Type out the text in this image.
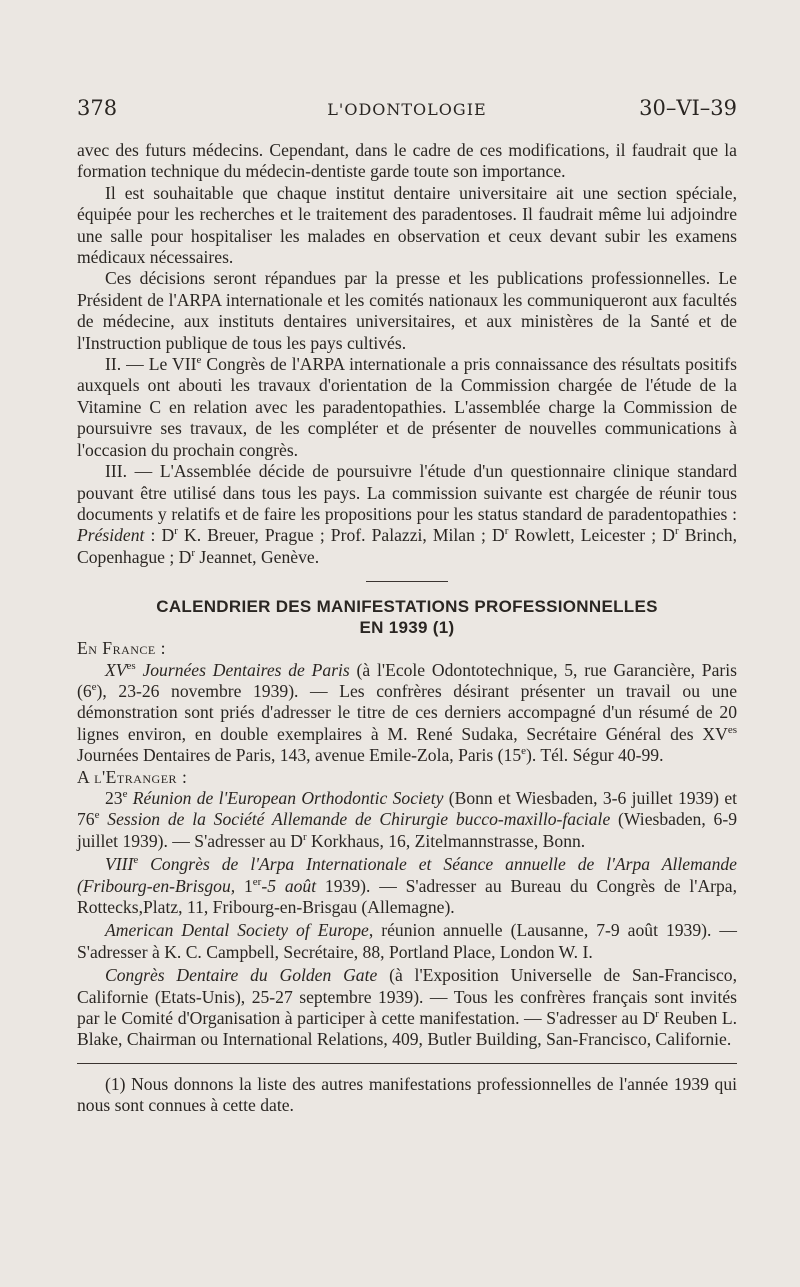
378	L'ODONTOLOGIE	30–VI–39

avec des futurs médecins. Cependant, dans le cadre de ces modifications, il faudrait que la formation technique du médecin-dentiste garde toute son importance.

Il est souhaitable que chaque institut dentaire universitaire ait une section spéciale, équipée pour les recherches et le traitement des paradentoses. Il faudrait même lui adjoindre une salle pour hospitaliser les malades en observation et ceux devant subir les examens médicaux nécessaires.

Ces décisions seront répandues par la presse et les publications professionnelles. Le Président de l'ARPA internationale et les comités nationaux les communiqueront aux facultés de médecine, aux instituts dentaires universitaires, et aux ministères de la Santé et de l'Instruction publique de tous les pays cultivés.

II. — Le VIIe Congrès de l'ARPA internationale a pris connaissance des résultats positifs auxquels ont abouti les travaux d'orientation de la Commission chargée de l'étude de la Vitamine C en relation avec les paradentopathies. L'assemblée charge la Commission de poursuivre ses travaux, de les compléter et de présenter de nouvelles communications à l'occasion du prochain congrès.

III. — L'Assemblée décide de poursuivre l'étude d'un questionnaire clinique standard pouvant être utilisé dans tous les pays. La commission suivante est chargée de réunir tous documents y relatifs et de faire les propositions pour les status standard de paradentopathies : Président : $D^r$ K. Breuer, Prague ; Prof. Palazzi, Milan ; $D^r$ Rowlett, Leicester ; $D^r$ Brinch, Copenhague ; $D^r$ Jeannet, Genève.

CALENDRIER DES MANIFESTATIONS PROFESSIONNELLES
EN 1939 (1)

En France :

$XV^{es}$ Journées Dentaires de Paris (à l'Ecole Odontotechnique, 5, rue Garancière, Paris (6e), 23-26 novembre 1939). — Les confrères désirant présenter un travail ou une démonstration sont priés d'adresser le titre de ces derniers accompagné d'un résumé de 20 lignes environ, en double exemplaires à M. René Sudaka, Secrétaire Général des $XV^{es}$ Journées Dentaires de Paris, 143, avenue Emile-Zola, Paris (15e). Tél. Ségur 40-99.

A l'Etranger :

23e Réunion de l'European Orthodontic Society (Bonn et Wiesbaden, 3-6 juillet 1939) et 76e Session de la Société Allemande de Chirurgie bucco-maxillo-faciale (Wiesbaden, 6-9 juillet 1939). — S'adresser au $D^r$ Korkhaus, 16, Zitelmannstrasse, Bonn.

VIIIe Congrès de l'Arpa Internationale et Séance annuelle de l'Arpa Allemande (Fribourg-en-Brisgou, 1er-5 août 1939). — S'adresser au Bureau du Congrès de l'Arpa, Rottecks,Platz, 11, Fribourg-en-Brisgau (Allemagne).

American Dental Society of Europe, réunion annuelle (Lausanne, 7-9 août 1939). — S'adresser à K. C. Campbell, Secrétaire, 88, Portland Place, London W. I.

Congrès Dentaire du Golden Gate (à l'Exposition Universelle de San-Francisco, Californie (Etats-Unis), 25-27 septembre 1939). — Tous les confrères français sont invités par le Comité d'Organisation à participer à cette manifestation. — S'adresser au $D^r$ Reuben L. Blake, Chairman ou International Relations, 409, Butler Building, San-Francisco, Californie.

(1) Nous donnons la liste des autres manifestations professionnelles de l'année 1939 qui nous sont connues à cette date.
